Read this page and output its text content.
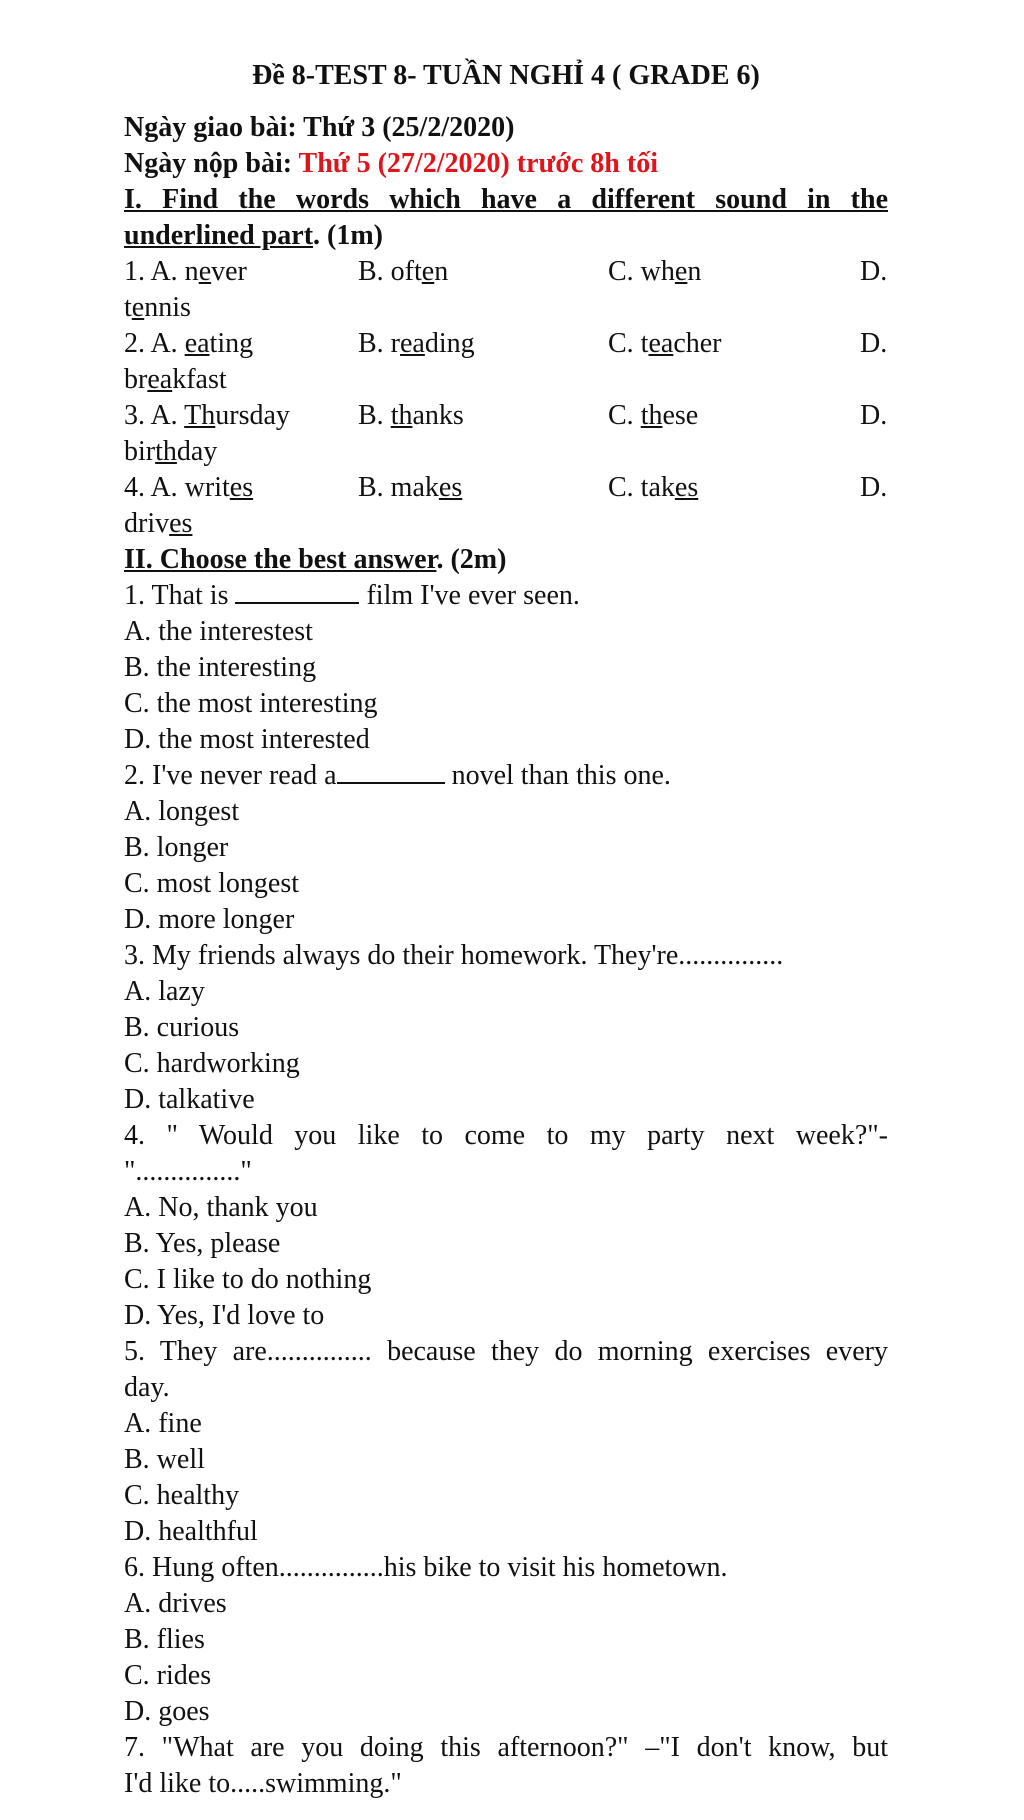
Đề 8-TEST 8- TUẦN NGHỈ 4 ( GRADE 6)
Ngày giao bài: Thứ 3 (25/2/2020)
Ngày nộp bài: Thứ 5 (27/2/2020) trước 8h tối
I. Find the words which have a different sound in the
underlined part. (1m)
1. A. never	B. often	C. when	D.
tennis
2. A. eating	B. reading	C. teacher	D.
breakfast
3. A. Thursday B. thanks	C. these	D.
birthday
4. A. writes	B. makes	C. takes	D.
drives
II. Choose the best answer. (2m)
1. That is	film I've ever seen.
A. the interestest
B. the interesting
C. the most interesting
D. the most interested
2. I've never read a	novel than this one.
A. longest
B. longer
C. most longest
D. more longer
3. My friends always do their homework. They're...............
A. lazy
B. curious
C. hardworking
D. talkative
4. " Would you like to come to my party next week?"-
"..............."
A. No, thank you
B. Yes, please
C. I like to do nothing
D. Yes, I'd love to
5. They are............... because they do morning exercises every
day.
A. fine
B. well
C. healthy
D. healthful
6. Hung often...............his bike to visit his hometown.
A. drives
B. flies
C. rides
D. goes
7. "What are you doing this afternoon?" –"I don't know, but
I'd like to.....swimming."
